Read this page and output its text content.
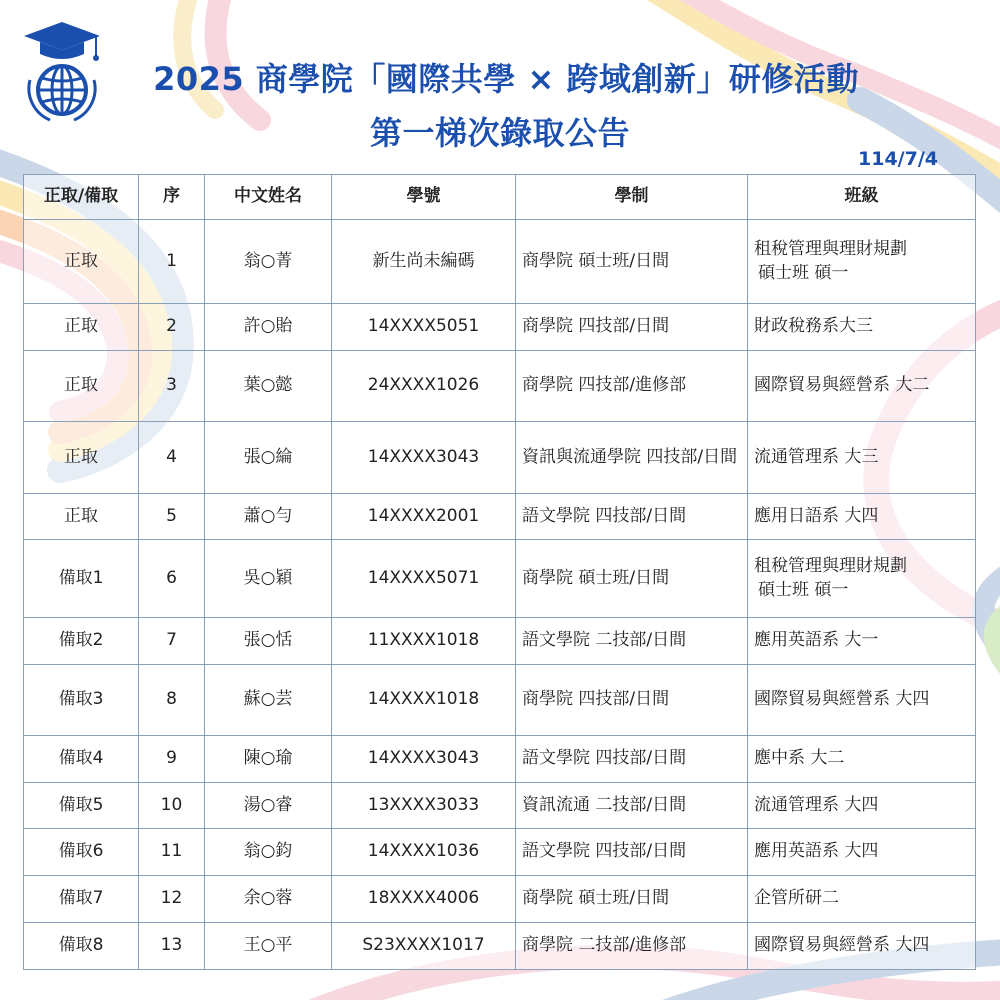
2025 商學院「國際共學 × 跨域創新」研修活動
第一梯次錄取公告
114/7/4
正取/備取	序	中文姓名	學號	學制	班級
正取	1	翁○菁	新生尚未編碼	商學院 碩士班/日間	租稅管理與理財規劃
碩士班 碩一

正取	2	許○貽	14XXXX5051	商學院 四技部/日間	財政稅務系大三

正取	3	葉○懿	24XXXX1026	商學院 四技部/進修部	國際貿易與經營系 大二

正取	4	張○綸	14XXXX3043	資訊與流通學院 四技部/日間	流通管理系 大三

正取	5	蕭○勻	14XXXX2001	語文學院 四技部/日間	應用日語系 大四

備取1	6	吳○穎	14XXXX5071	商學院 碩士班/日間	租稅管理與理財規劃
碩士班 碩一

備取2	7	張○恬	11XXXX1018	語文學院 二技部/日間	應用英語系 大一

備取3	8	蘇○芸	14XXXX1018	商學院 四技部/日間	國際貿易與經營系 大四

備取4	9	陳○瑜	14XXXX3043	語文學院 四技部/日間	應中系 大二

備取5	10	湯○睿	13XXXX3033	資訊流通 二技部/日間	流通管理系 大四

備取6	11	翁○鈞	14XXXX1036	語文學院 四技部/日間	應用英語系 大四

備取7	12	余○蓉	18XXXX4006	商學院 碩士班/日間	企管所研二

備取8	13	王○平	S23XXXX1017	商學院 二技部/進修部	國際貿易與經營系 大四
